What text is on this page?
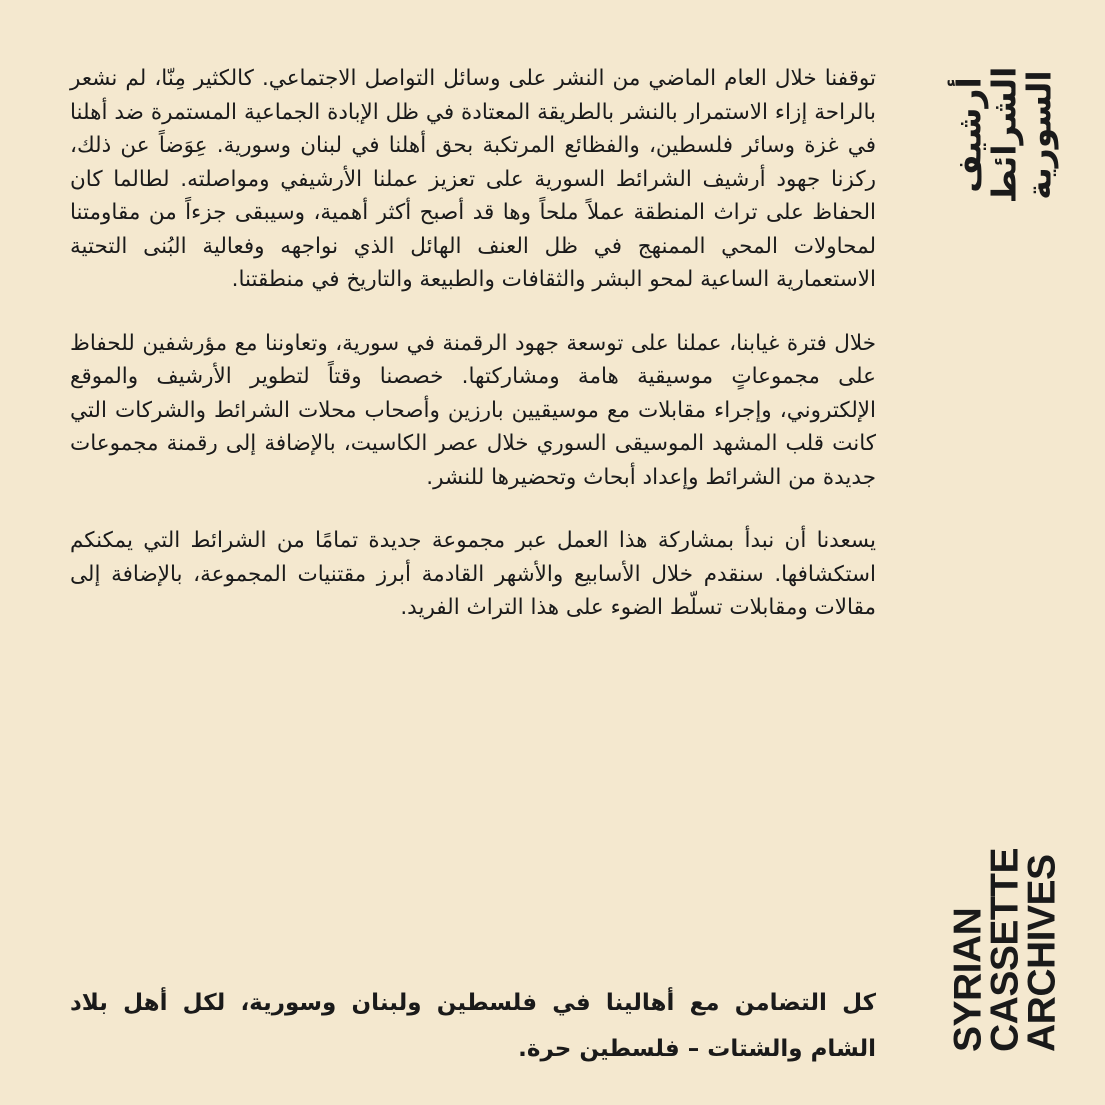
أرشيف
الشرائط
السورية

توقفنا خلال العام الماضي من النشر على وسائل التواصل الاجتماعي. كالكثير مِنّا، لم نشعر بالراحة إزاء الاستمرار بالنشر بالطريقة المعتادة في ظل الإبادة الجماعية المستمرة ضد أهلنا في غزة وسائر فلسطين، والفظائع المرتكبة بحق أهلنا في لبنان وسورية. عِوَضاً عن ذلك، ركزنا جهود أرشيف الشرائط السورية على تعزيز عملنا الأرشيفي ومواصلته. لطالما كان الحفاظ على تراث المنطقة عملاً ملحاً وها قد أصبح أكثر أهمية، وسيبقى جزءاً من مقاومتنا لمحاولات المحي الممنهج في ظل العنف الهائل الذي نواجهه وفعالية البُنى التحتية الاستعمارية الساعية لمحو البشر والثقافات والطبيعة والتاريخ في منطقتنا.

خلال فترة غيابنا، عملنا على توسعة جهود الرقمنة في سورية، وتعاوننا مع مؤرشفين للحفاظ على مجموعاتٍ موسيقية هامة ومشاركتها. خصصنا وقتاً لتطوير الأرشيف والموقع الإلكتروني، وإجراء مقابلات مع موسيقيين بارزين وأصحاب محلات الشرائط والشركات التي كانت قلب المشهد الموسيقى السوري خلال عصر الكاسيت، بالإضافة إلى رقمنة مجموعات جديدة من الشرائط وإعداد أبحاث وتحضيرها للنشر.

يسعدنا أن نبدأ بمشاركة هذا العمل عبر مجموعة جديدة تمامًا من الشرائط التي يمكنكم استكشافها. سنقدم خلال الأسابيع والأشهر القادمة أبرز مقتنيات المجموعة، بالإضافة إلى مقالات ومقابلات تسلّط الضوء على هذا التراث الفريد.

كل التضامن مع أهالينا في فلسطين ولبنان وسورية، لكل أهل بلاد الشام والشتات – فلسطين حرة. SYRIAN
CASSETTE
ARCHIVES
